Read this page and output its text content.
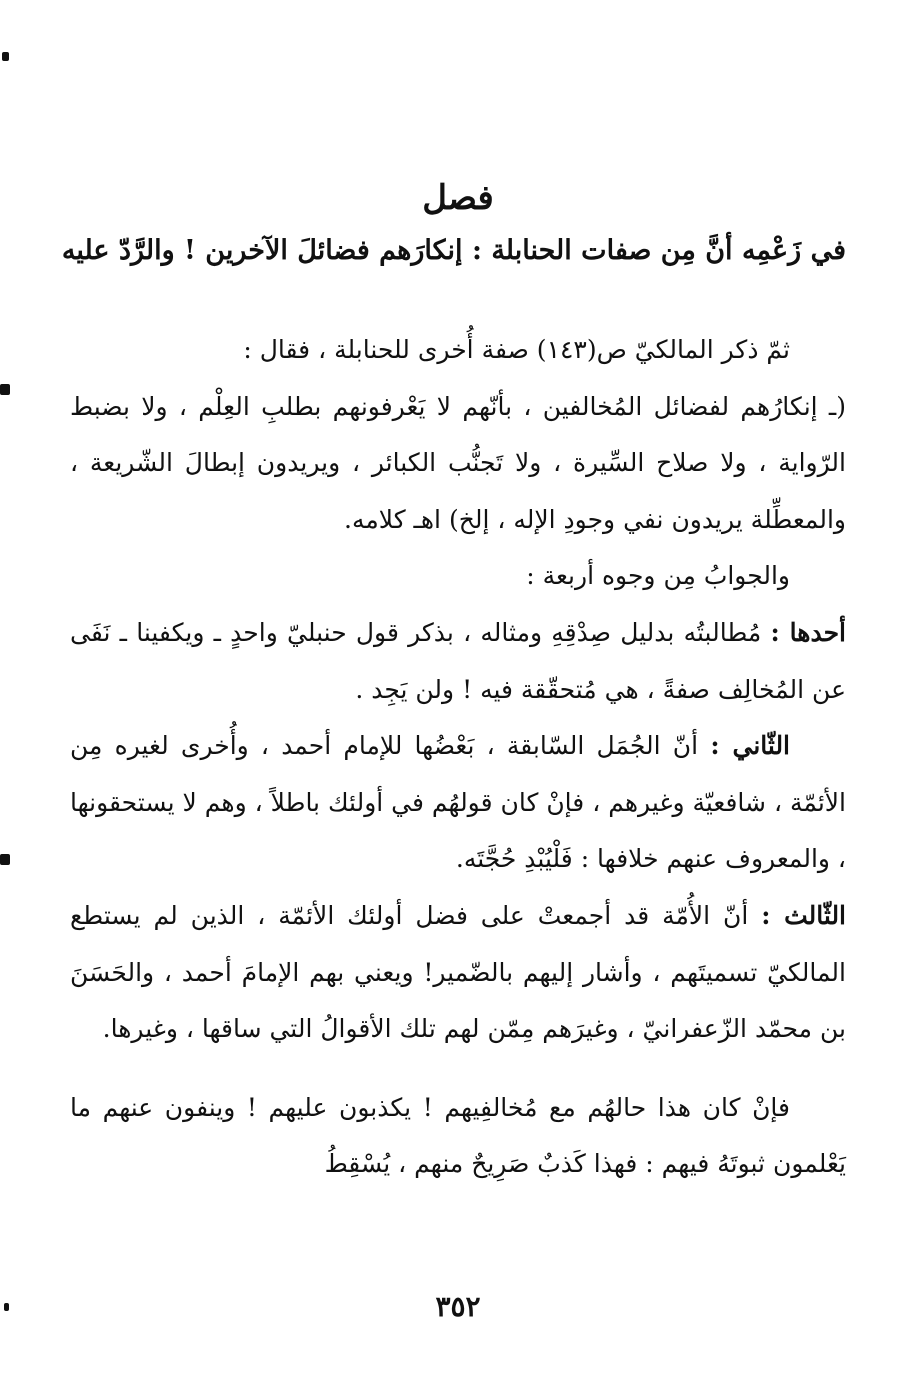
فصل
في زَعْمِه أنَّ مِن صفات الحنابلة : إنكارَهم فضائلَ الآخرين ! والرَّدّ عليه

ثمّ ذكر المالكيّ ص(١٤٣) صفة أُخرى للحنابلة ، فقال :

(ـ إنكارُهم لفضائل المُخالفين ، بأنّهم لا يَعْرفونهم بطلبِ العِلْم ، ولا بضبط الرّواية ، ولا صلاح السِّيرة ، ولا تَجنُّب الكبائر ، ويريدون إبطالَ الشّريعة ، والمعطِّلة يريدون نفي وجودِ الإله ، إلخ) اهـ كلامه.

والجوابُ مِن وجوه أربعة :

أحدها : مُطالبتُه بدليل صِدْقِهِ ومثاله ، بذكر قول حنبليّ واحدٍ ـ ويكفينا ـ نَفَى عن المُخالِف صفةً ، هي مُتحقّقة فيه ! ولن يَجِد .

الثّاني : أنّ الجُمَل السّابقة ، بَعْضُها للإمام أحمد ، وأُخرى لغيره مِن الأئمّة ، شافعيّة وغيرهم ، فإنْ كان قولهُم في أولئك باطلاً ، وهم لا يستحقونها ، والمعروف عنهم خلافها : فَلْيُبْدِ حُجَّتَه.

الثّالث : أنّ الأُمّة قد أجمعتْ على فضل أولئك الأئمّة ، الذين لم يستطع المالكيّ تسميتَهم ، وأشار إليهم بالضّمير! ويعني بهم الإمامَ أحمد ، والحَسَنَ بن محمّد الزّعفرانيّ ، وغيرَهم مِمّن لهم تلك الأقوالُ التي ساقها ، وغيرها.

فإنْ كان هذا حالهُم مع مُخالفِيهم ! يكذبون عليهم ! وينفون عنهم ما يَعْلمون ثبوتَهُ فيهم : فهذا كَذبٌ صَرِيحٌ منهم ، يُسْقِطُ

٣٥٢
